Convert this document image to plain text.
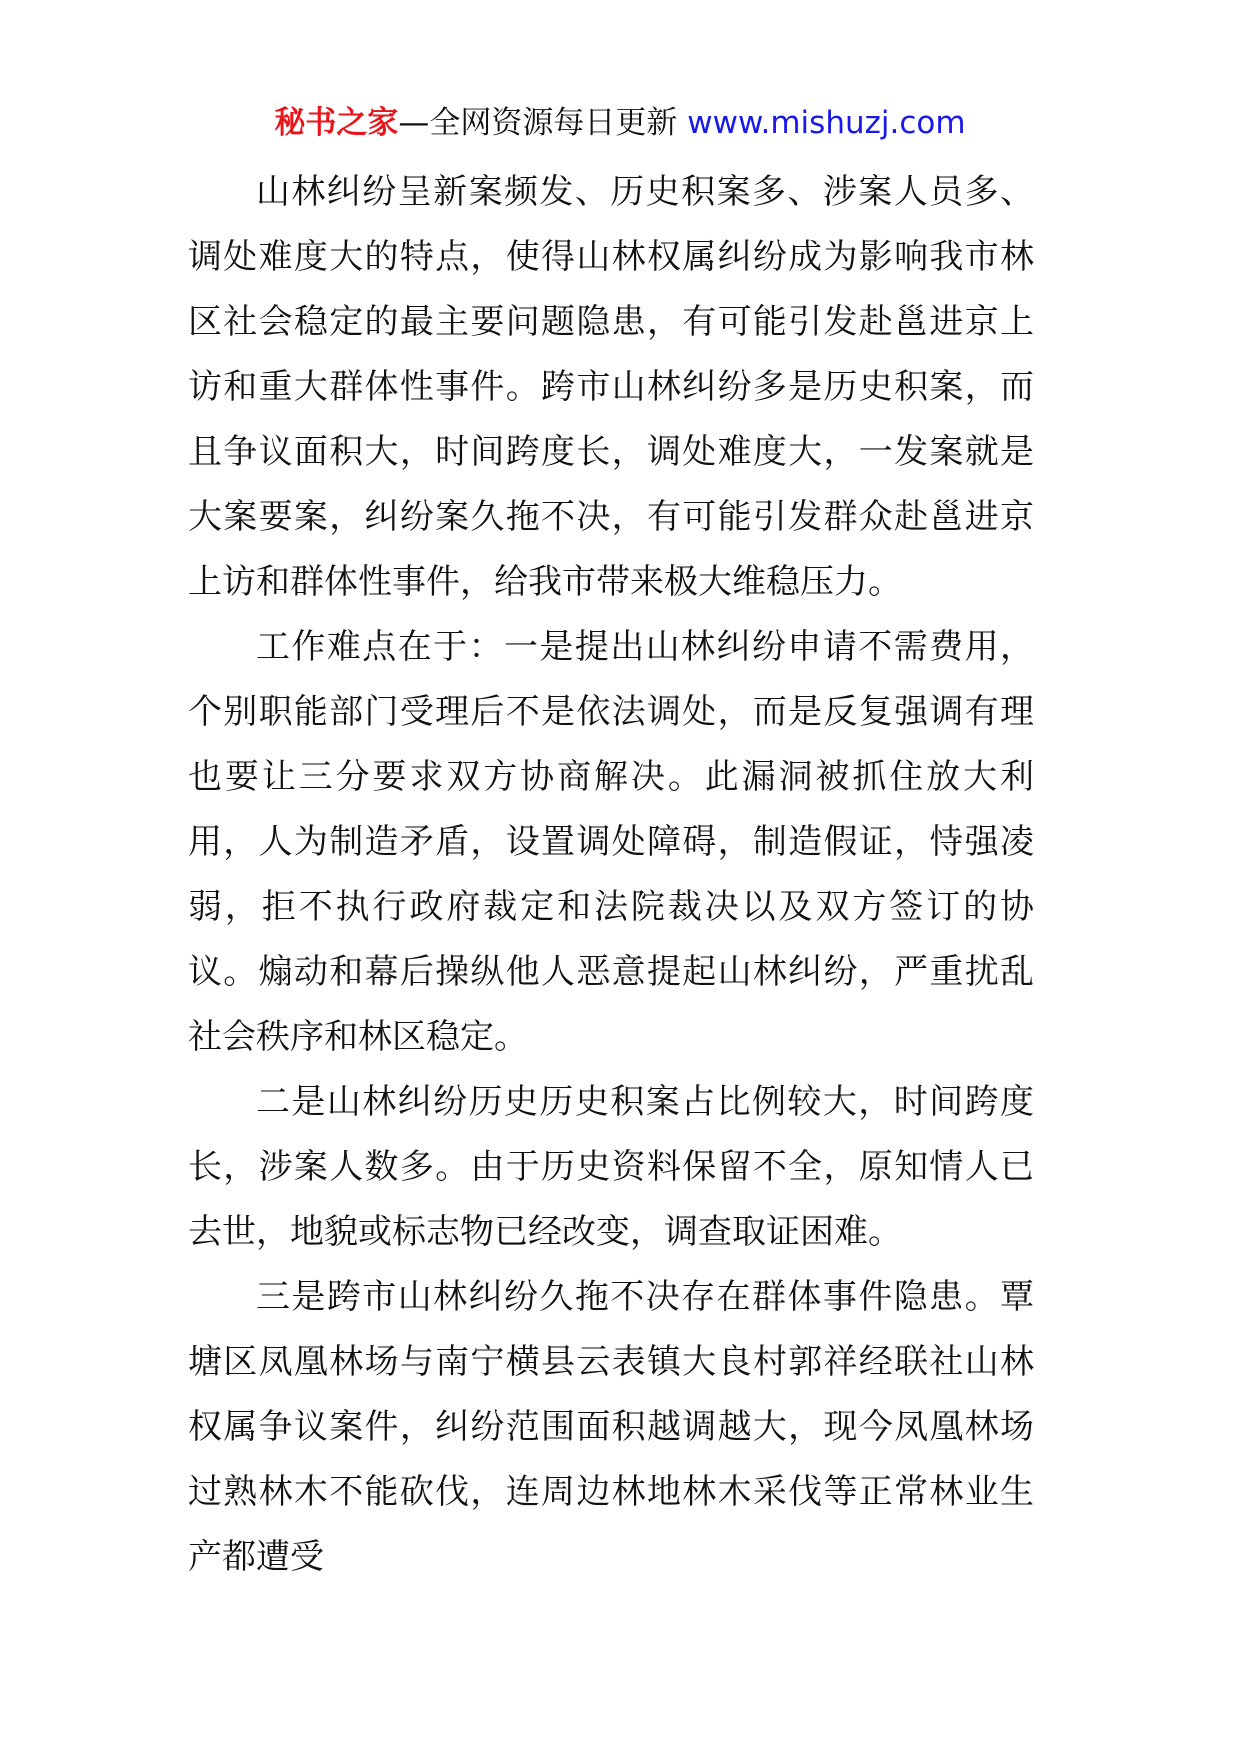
秘书之家—全网资源每日更新 www.mishuzj.com

山林纠纷呈新案频发、历史积案多、涉案人员多、调处难度大的特点，使得山林权属纠纷成为影响我市林区社会稳定的最主要问题隐患，有可能引发赴邕进京上访和重大群体性事件。跨市山林纠纷多是历史积案，而且争议面积大，时间跨度长，调处难度大，一发案就是大案要案，纠纷案久拖不决，有可能引发群众赴邕进京上访和群体性事件，给我市带来极大维稳压力。

工作难点在于：一是提出山林纠纷申请不需费用，个别职能部门受理后不是依法调处，而是反复强调有理也要让三分要求双方协商解决。此漏洞被抓住放大利用，人为制造矛盾，设置调处障碍，制造假证，恃强凌弱，拒不执行政府裁定和法院裁决以及双方签订的协议。煽动和幕后操纵他人恶意提起山林纠纷，严重扰乱社会秩序和林区稳定。

二是山林纠纷历史历史积案占比例较大，时间跨度长，涉案人数多。由于历史资料保留不全，原知情人已去世，地貌或标志物已经改变，调查取证困难。

三是跨市山林纠纷久拖不决存在群体事件隐患。覃塘区凤凰林场与南宁横县云表镇大良村郭祥经联社山林权属争议案件，纠纷范围面积越调越大，现今凤凰林场过熟林木不能砍伐，连周边林地林木采伐等正常林业生产都遭受
